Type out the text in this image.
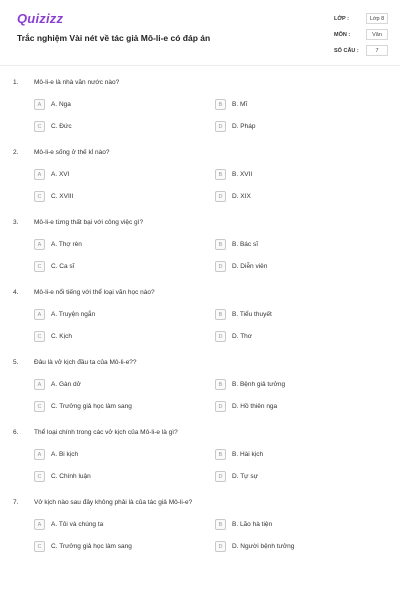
Quizizz
Trắc nghiệm Vài nét về tác giả Mô-li-e có đáp án
LỚP :	Lớp 8
MÔN :	Văn
SỐ CÂU :	7
1. Mô-li-e là nhà văn nước nào?
A	A. Nga	B	B. Mĩ
C	C. Đức	D	D. Pháp
2. Mô-li-e sống ở thế kỉ nào?
A	A. XVI	B	B. XVII
C	C. XVIII	D	D. XIX
3. Mô-li-e từng thất bại với công việc gì?
A	A. Thợ rèn	B	B. Bác sĩ
C	C. Ca sĩ	D	D. Diễn viên
4. Mô-li-e nổi tiếng với thể loại văn học nào?
A	A. Truyện ngắn	B	B. Tiểu thuyết
C	C. Kịch	D	D. Thơ
5. Đâu là vở kịch đầu ta của Mô-li-e??
A	A. Gàn dở	B	B. Bệnh giả tưởng
C	C. Trưởng giả học làm sang	D	D. Hồ thiên nga
6. Thể loại chính trong các vở kịch của Mô-li-e là gì?
A	A. Bi kịch	B	B. Hài kịch
C	C. Chính luận	D	D. Tự sự
7. Vở kịch nào sau đây không phải là của tác giả Mô-li-e?
A	A. Tôi và chúng ta	B	B. Lão hà tiện
C	C. Trưởng giả học làm sang	D	D. Người bệnh tưởng
